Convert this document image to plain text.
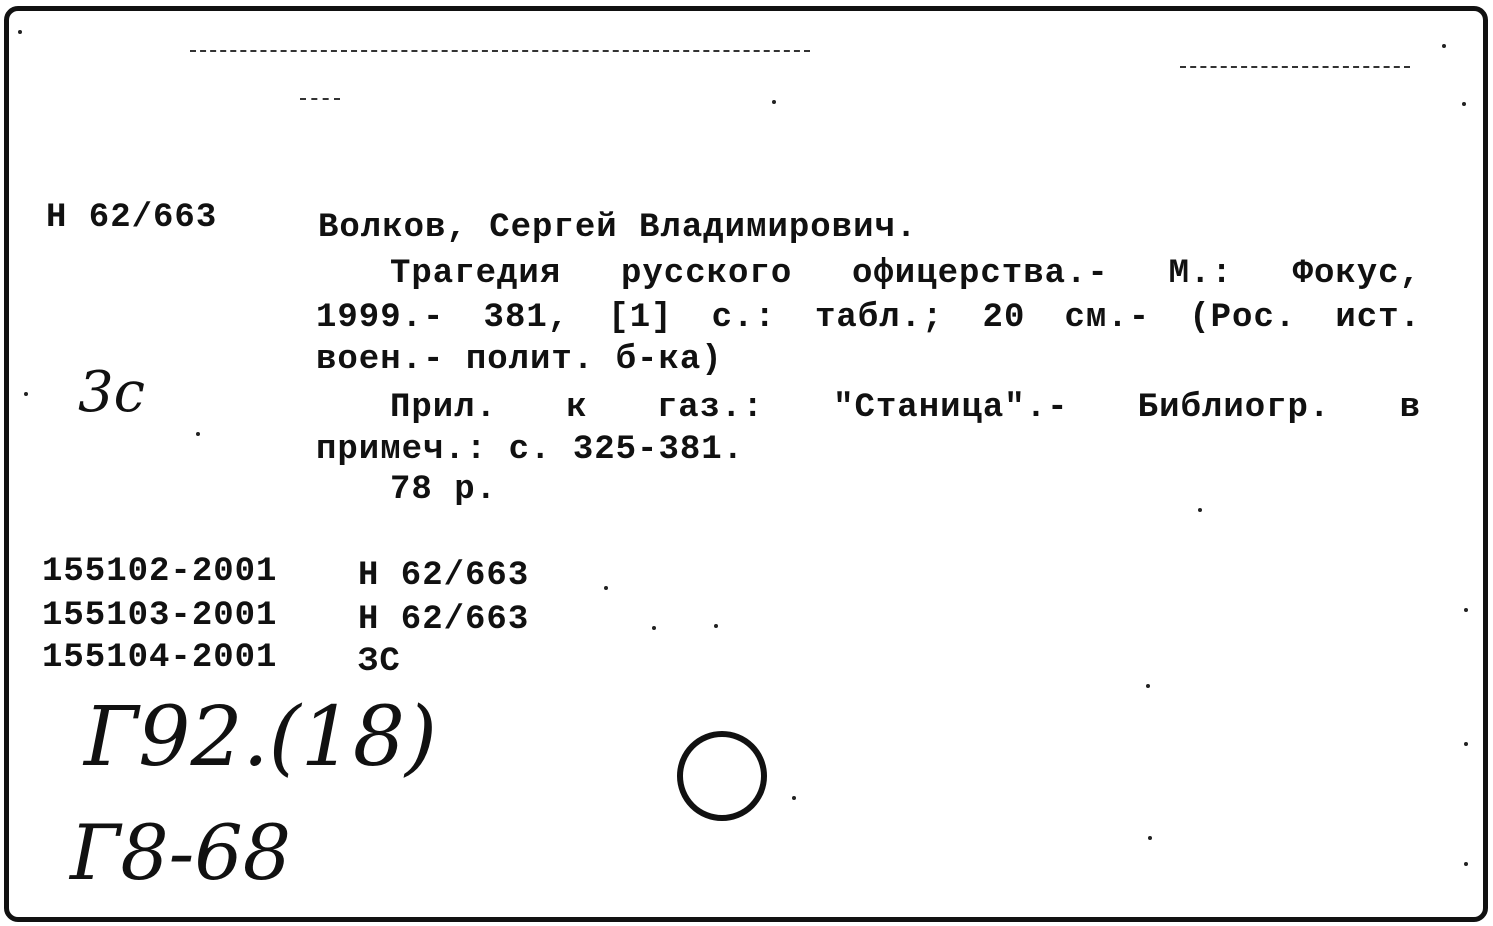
Н 62/663	Волков, Сергей Владимирович.
Трагедия русского офицерства.- М.: Фокус,
1999.- 381, [1] с.: табл.; 20 см.- (Рос. ист.
воен.- полит. б-ка)
Прил. к газ.: "Станица".- Библиогр. в
примеч.: с. 325-381.
78 р.
3с
155102-2001 Н 62/663
155103-2001 Н 62/663
155104-2001 ЗС
Г92.(18)
Г8-68
